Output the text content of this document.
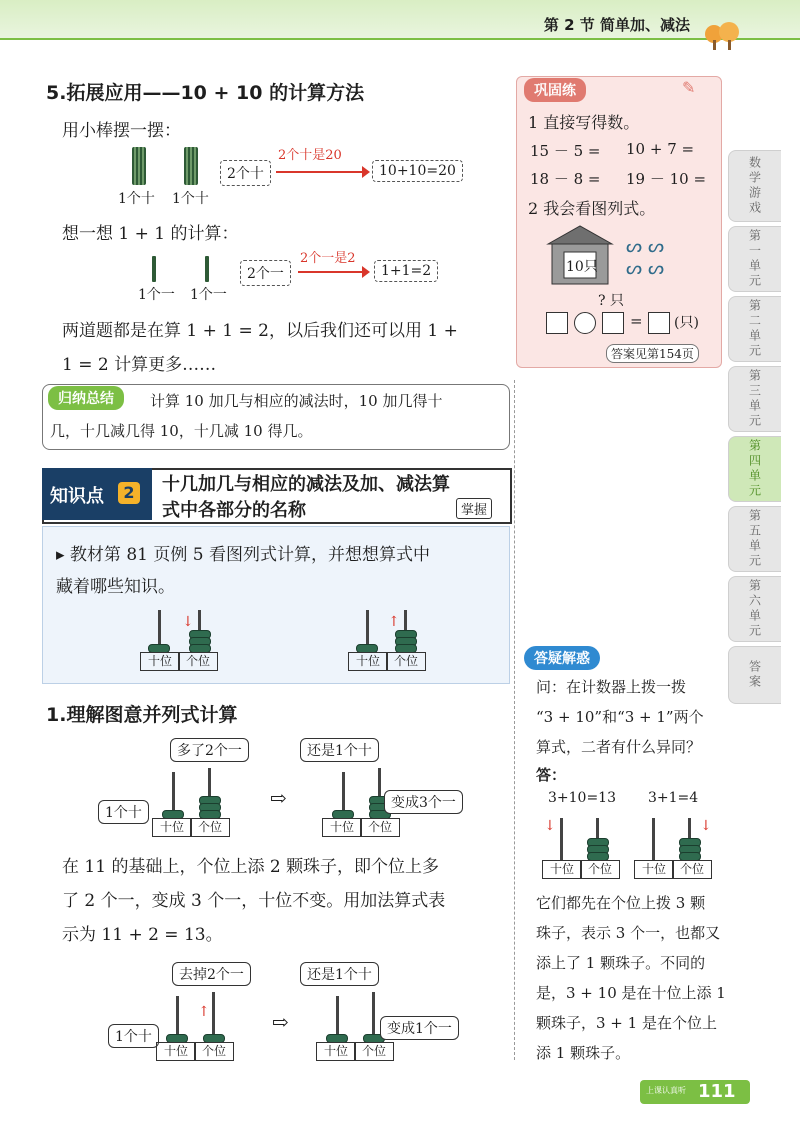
第 2 节 简单加、减法
数学游戏
第一单元
第二单元
第三单元
第四单元
第五单元
第六单元
答案
5.拓展应用——10 + 10 的计算方法
用小棒摆一摆：
1个十 1个十
2个十
2个十是20
10+10=20
想一想 1 + 1 的计算：
1个一 1个一
2个一
2个一是2
1+1=2
两道题都是在算 1 + 1 = 2，以后我们还可以用 1 +
1 = 2 计算更多……
归纳总结	计算 10 加几与相应的减法时，10 加几得十
几，十几减几得 10，十几减 10 得几。
知识点	2	十几加几与相应的减法及加、减法算
式中各部分的名称	掌握
▸ 教材第 81 页例 5 看图列式计算，并想想算式中
藏着哪些知识。
↓
十位	个位
↑
十位	个位
1.理解图意并列式计算
多了2个一	还是1个十
1个十
十位	个位
⇨	变成3个一
十位	个位
在 11 的基础上，个位上添 2 颗珠子，即个位上多
了 2 个一，变成 3 个一，十位不变。用加法算式表
示为 11 + 2 = 13。
去掉2个一	还是1个十
↑
1个十
十位	个位
⇨	变成1个一
十位	个位
巩固练	✎
1 直接写得数。
15 － 5 = 10 + 7 =
18 － 8 = 19 － 10 =
2 我会看图列式。
10只
ᔕ ᔕ
ᔕ ᔕ
? 只
= (只)
答案见第154页
答疑解惑
问：在计数器上拨一拨
“3 + 10”和“3 + 1”两个
算式，二者有什么异同？
答：
3+10=13 3+1=4
↓
十位	个位
↓
十位	个位
它们都先在个位上拨 3 颗
珠子，表示 3 个一，也都又
添上了 1 颗珠子。不同的
是，3 + 10 是在十位上添 1
颗珠子，3 + 1 是在个位上
添 1 颗珠子。
上课认真听 111
